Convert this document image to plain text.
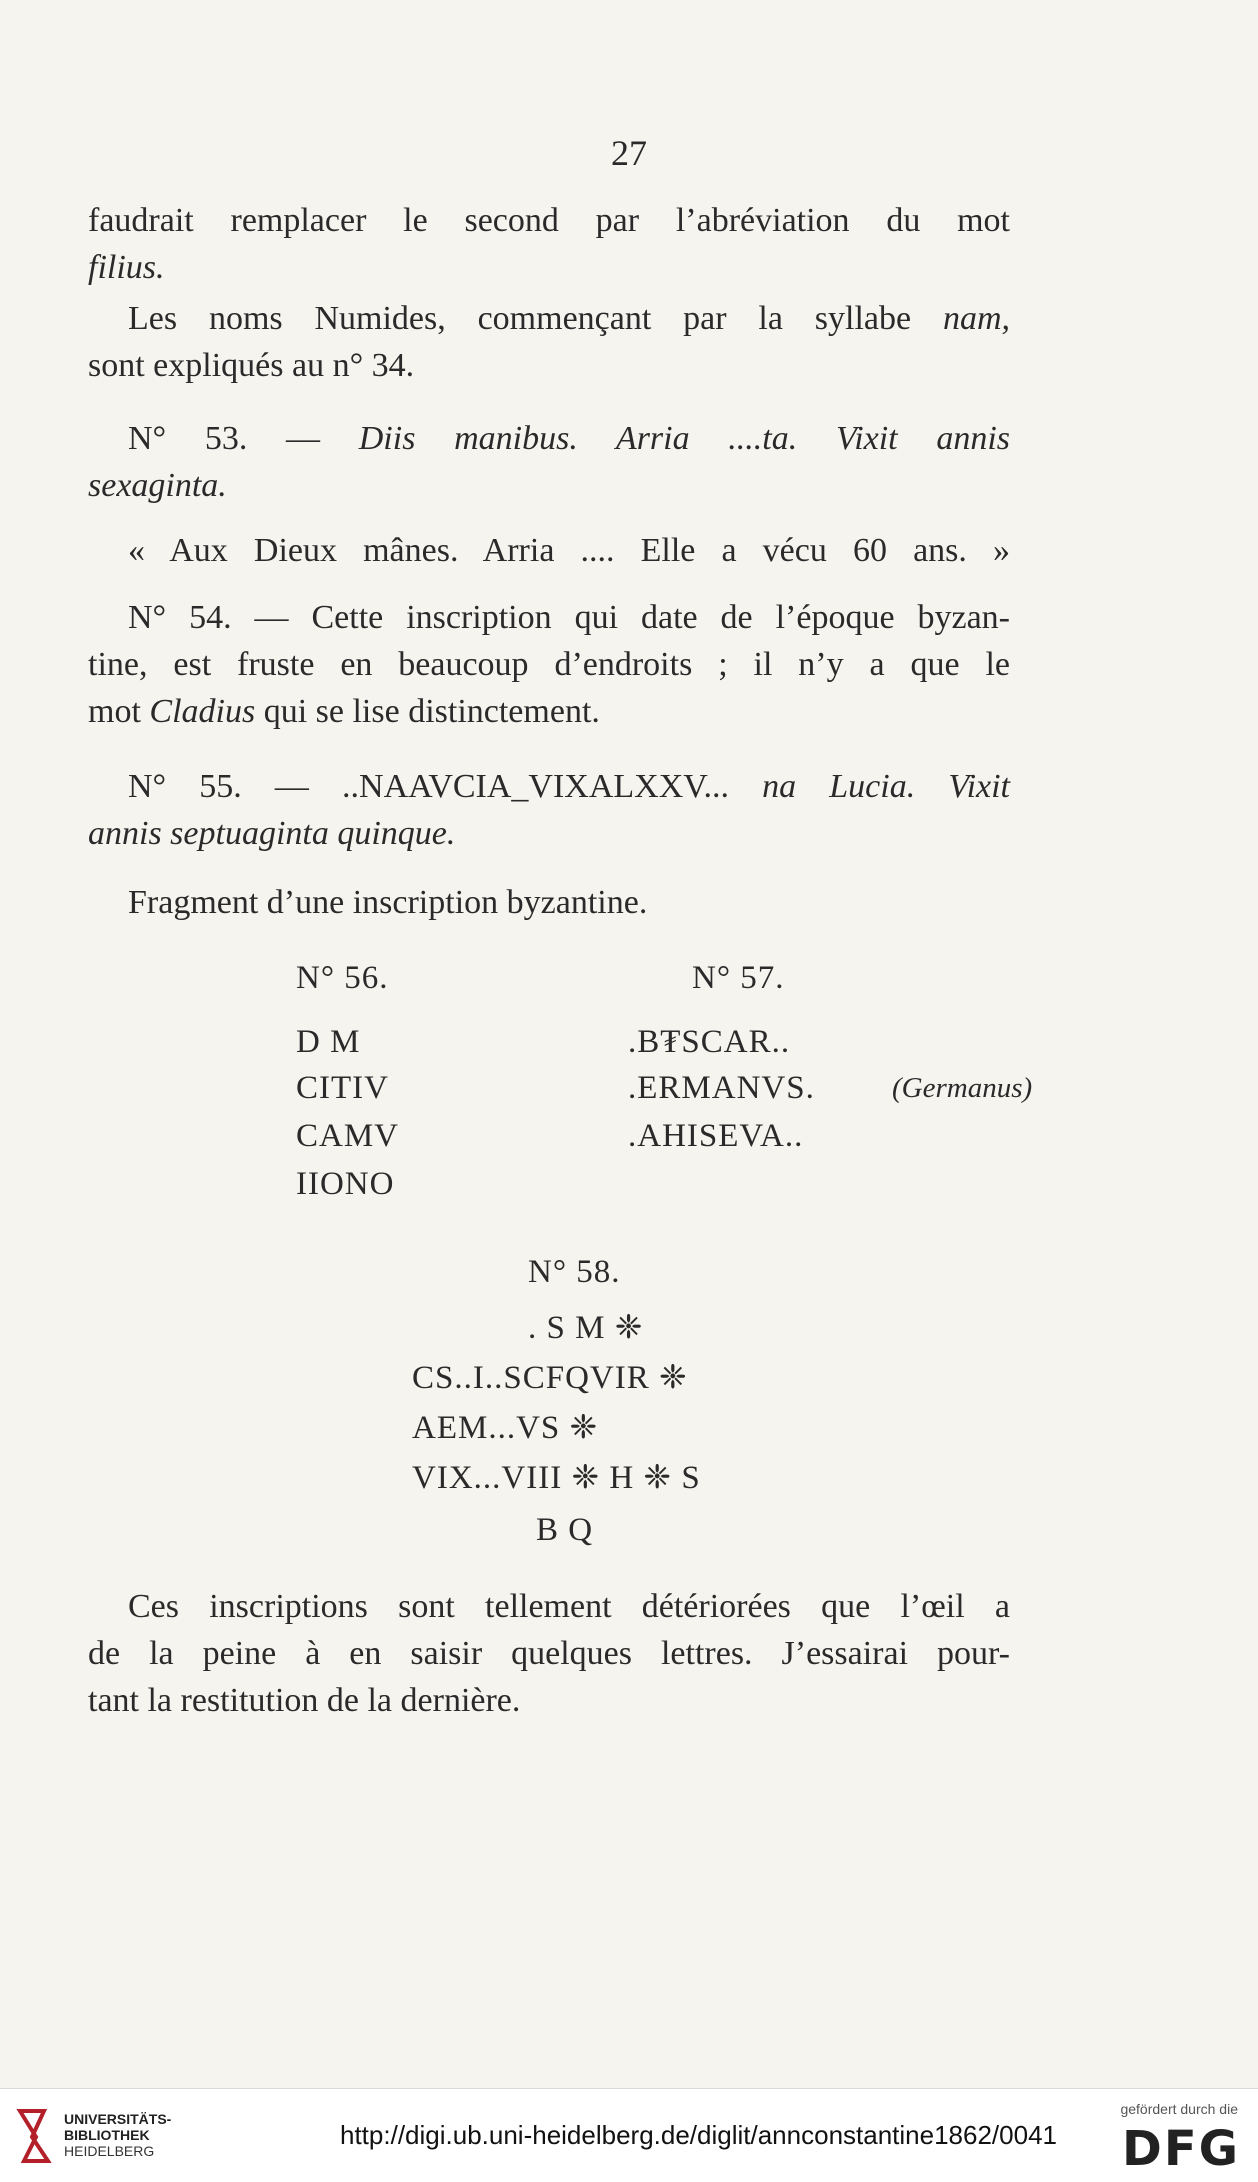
27

faudrait remplacer le second par l’abréviation du mot

filius.

Les noms Numides, commençant par la syllabe nam,

sont expliqués au n° 34.

N° 53. — Diis manibus. Arria ....ta. Vixit annis

sexaginta.

« Aux Dieux mânes. Arria .... Elle a vécu 60 ans. »

N° 54. — Cette inscription qui date de l’époque byzan-

tine, est fruste en beaucoup d’endroits ; il n’y a que le

mot Cladius qui se lise distinctement.

N° 55. — ..NAAVCIA_VIXALXXV... na Lucia. Vixit

annis septuaginta quinque.

Fragment d’une inscription byzantine.

N° 56.
D M
CITIV
CAMV
IIONO
N° 57.
.B₮SCAR..
.ERMANVS.	(Germanus)
.AHISEVA..
N° 58.
. S M ❈
CS..I..SCFQVIR ❈
AEM...VS ❈
VIX...VIII ❈ H ❈ S
B Q

Ces inscriptions sont tellement détériorées que l’œil a

de la peine à en saisir quelques lettres. J’essairai pour-

tant la restitution de la dernière.

UNIVERSITÄTS-
BIBLIOTHEK
HEIDELBERG
http://digi.ub.uni-heidelberg.de/diglit/annconstantine1862/0041
gefördert durch die
DFG
